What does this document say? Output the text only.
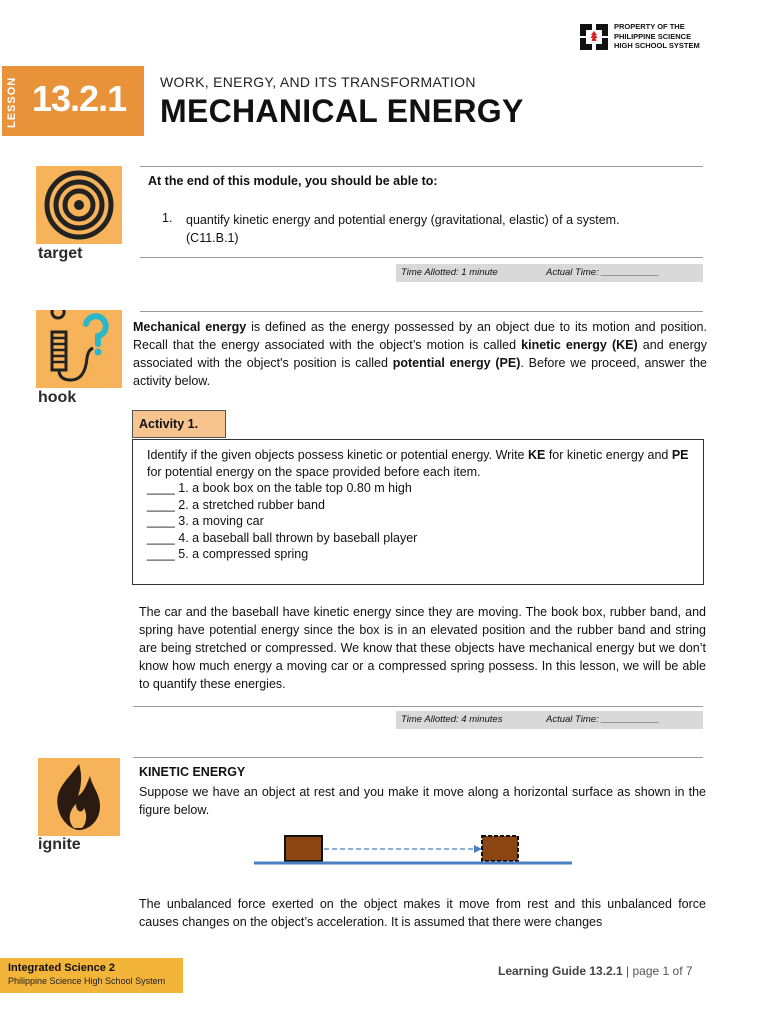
PROPERTY OF THE
PHILIPPINE SCIENCE
HIGH SCHOOL SYSTEM
LESSON 13.2.1 WORK, ENERGY, AND ITS TRANSFORMATION
MECHANICAL ENERGY
target
At the end of this module, you should be able to:
1. quantify kinetic energy and potential energy (gravitational, elastic) of a system.
(C11.B.1)
Time Allotted: 1 minute	Actual Time: ___________
hook
Mechanical energy is defined as the energy possessed by an object due to its motion and position. Recall that the energy associated with the object’s motion is called kinetic energy (KE) and energy associated with the object's position is called potential energy (PE). Before we proceed, answer the activity below.
Activity 1.
Identify if the given objects possess kinetic or potential energy. Write KE for kinetic energy and PE for potential energy on the space provided before each item.
____ 1. a book box on the table top 0.80 m high
____ 2. a stretched rubber band
____ 3. a moving car
____ 4. a baseball ball thrown by baseball player
____ 5. a compressed spring
The car and the baseball have kinetic energy since they are moving. The book box, rubber band, and spring have potential energy since the box is in an elevated position and the rubber band and string are being stretched or compressed. We know that these objects have mechanical energy but we don’t know how much energy a moving car or a compressed spring possess. In this lesson, we will be able to quantify these energies.
Time Allotted: 4 minutes	Actual Time: ___________
ignite
KINETIC ENERGY
Suppose we have an object at rest and you make it move along a horizontal surface as shown in the figure below.
The unbalanced force exerted on the object makes it move from rest and this unbalanced force causes changes on the object’s acceleration. It is assumed that there were changes
Integrated Science 2
Philippine Science High School System
Learning Guide 13.2.1 | page 1 of 7
